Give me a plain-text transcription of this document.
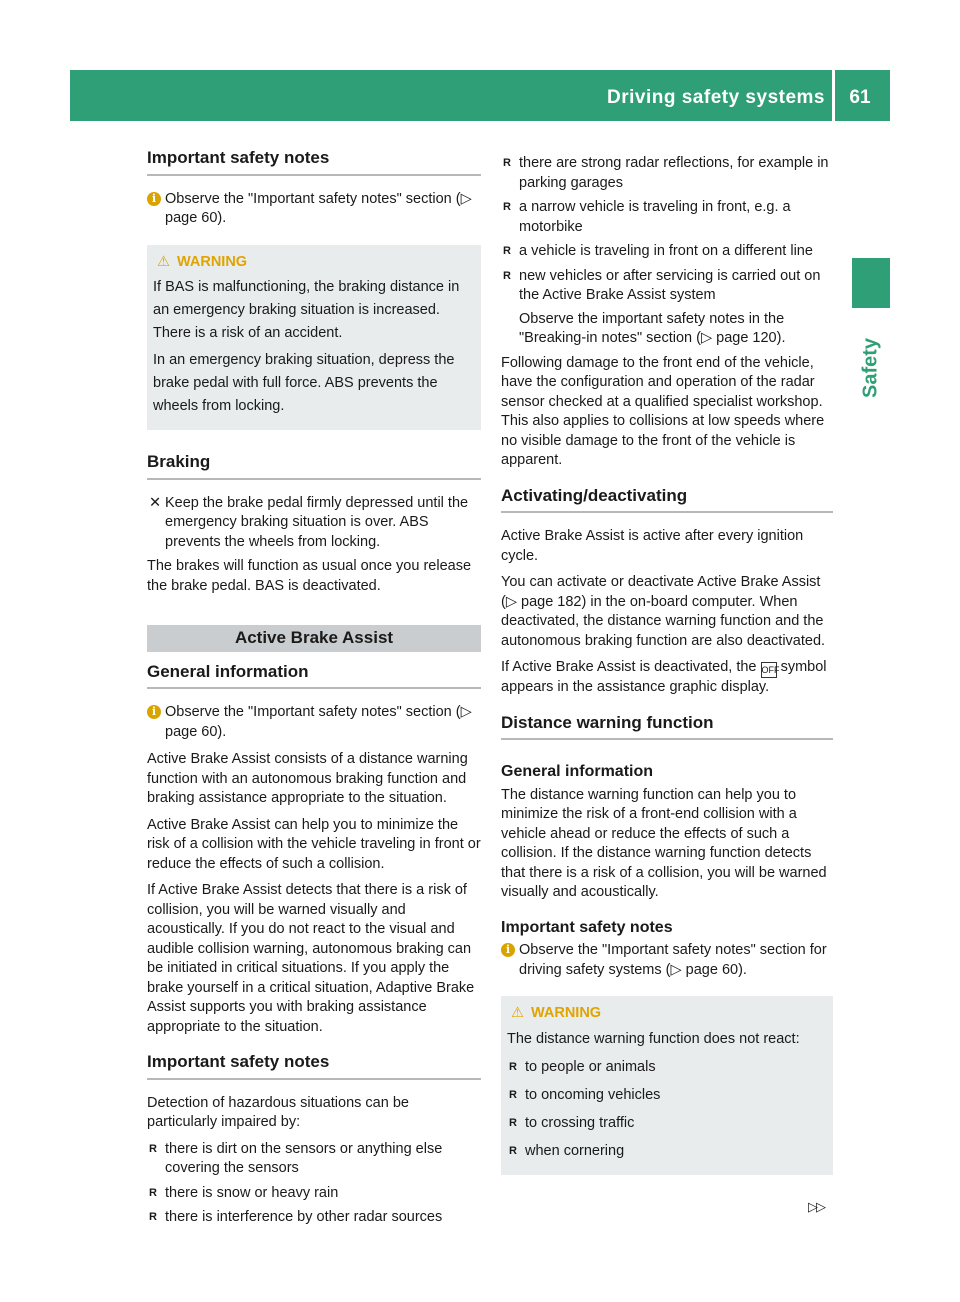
Driving safety systems	61
Safety
Important safety notes
i Observe the "Important safety notes" section (▷ page 60).
⚠ WARNING

If BAS is malfunctioning, the braking distance in an emergency braking situation is increased. There is a risk of an accident.

In an emergency braking situation, depress the brake pedal with full force. ABS prevents the wheels from locking.

Braking
✕ Keep the brake pedal firmly depressed until the emergency braking situation is over. ABS prevents the wheels from locking.

The brakes will function as usual once you release the brake pedal. BAS is deactivated.

Active Brake Assist
General information
i Observe the "Important safety notes" section (▷ page 60).

Active Brake Assist consists of a distance warning function with an autonomous braking function and braking assistance appropriate to the situation.

Active Brake Assist can help you to minimize the risk of a collision with the vehicle traveling in front or reduce the effects of such a collision.

If Active Brake Assist detects that there is a risk of collision, you will be warned visually and acoustically. If you do not react to the visual and audible collision warning, autonomous braking can be initiated in critical situations. If you apply the brake yourself in a critical situation, Adaptive Brake Assist supports you with braking assistance appropriate to the situation.

Important safety notes

Detection of hazardous situations can be particularly impaired by:

R there is dirt on the sensors or anything else covering the sensors
R there is snow or heavy rain
R there is interference by other radar sources
R there are strong radar reflections, for example in parking garages
R a narrow vehicle is traveling in front, e.g. a motorbike
R a vehicle is traveling in front on a different line
R new vehicles or after servicing is carried out on the Active Brake Assist system
Observe the important safety notes in the "Breaking-in notes" section (▷ page 120).

Following damage to the front end of the vehicle, have the configuration and operation of the radar sensor checked at a qualified specialist workshop. This also applies to collisions at low speeds where no visible damage to the front of the vehicle is apparent.

Activating/deactivating

Active Brake Assist is active after every ignition cycle.

You can activate or deactivate Active Brake Assist (▷ page 182) in the on-board computer. When deactivated, the distance warning function and the autonomous braking function are also deactivated.

If Active Brake Assist is deactivated, the OFF symbol appears in the assistance graphic display.

Distance warning function
General information

The distance warning function can help you to minimize the risk of a front-end collision with a vehicle ahead or reduce the effects of such a collision. If the distance warning function detects that there is a risk of a collision, you will be warned visually and acoustically.

Important safety notes
i Observe the "Important safety notes" section for driving safety systems (▷ page 60).
⚠ WARNING

The distance warning function does not react:

R to people or animals
R to oncoming vehicles
R to crossing traffic
R when cornering
▷▷
